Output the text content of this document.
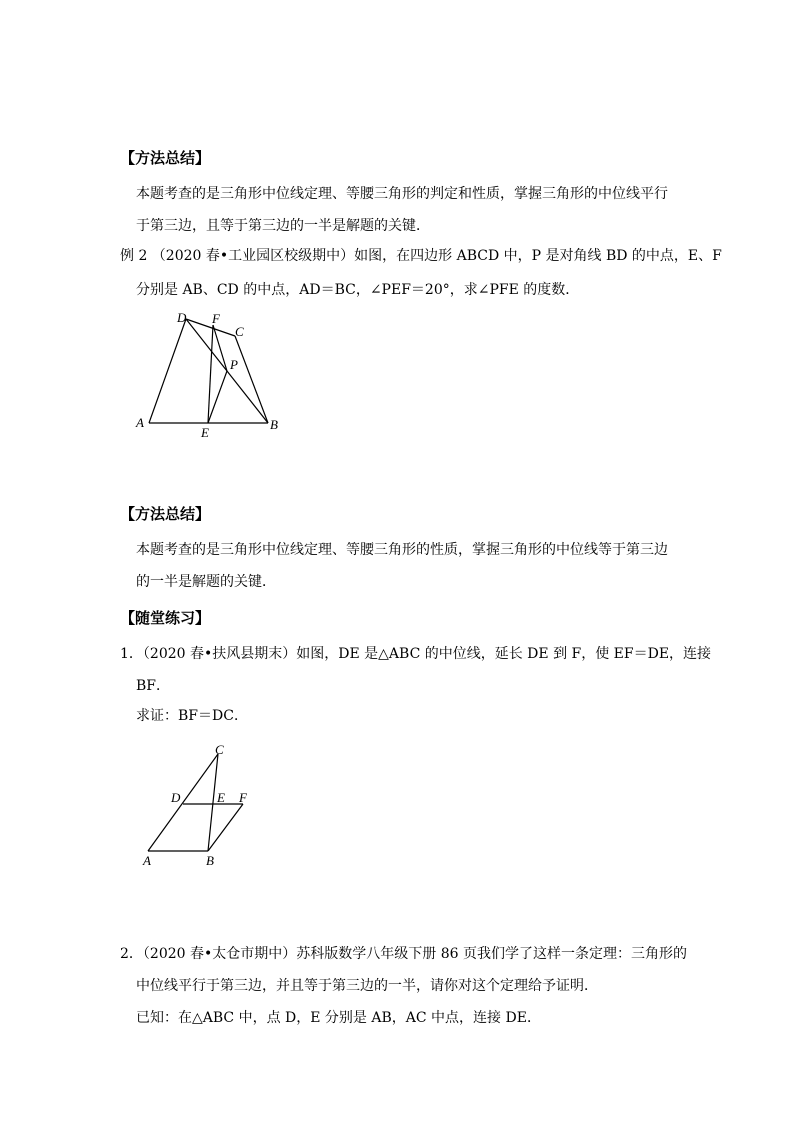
【方法总结】
本题考查的是三角形中位线定理、等腰三角形的判定和性质，掌握三角形的中位线平行
于第三边，且等于第三边的一半是解题的关键．
例 2 （2020 春•工业园区校级期中）如图，在四边形 ABCD 中，P 是对角线 BD 的中点，E、F
分别是 AB、CD 的中点，AD＝BC，∠PEF＝20°，求∠PFE 的度数．
A	B
C
D
E
F
P
【方法总结】
本题考查的是三角形中位线定理、等腰三角形的性质，掌握三角形的中位线等于第三边
的一半是解题的关键．
【随堂练习】
1．（2020 春•扶风县期末）如图，DE 是△ABC 的中位线，延长 DE 到 F，使 EF＝DE，连接
BF．
求证：BF＝DC．
A	B
C
D	E F
2．（2020 春•太仓市期中）苏科版数学八年级下册 86 页我们学了这样一条定理：三角形的
中位线平行于第三边，并且等于第三边的一半，请你对这个定理给予证明．
已知：在△ABC 中，点 D，E 分别是 AB，AC 中点，连接 DE．
